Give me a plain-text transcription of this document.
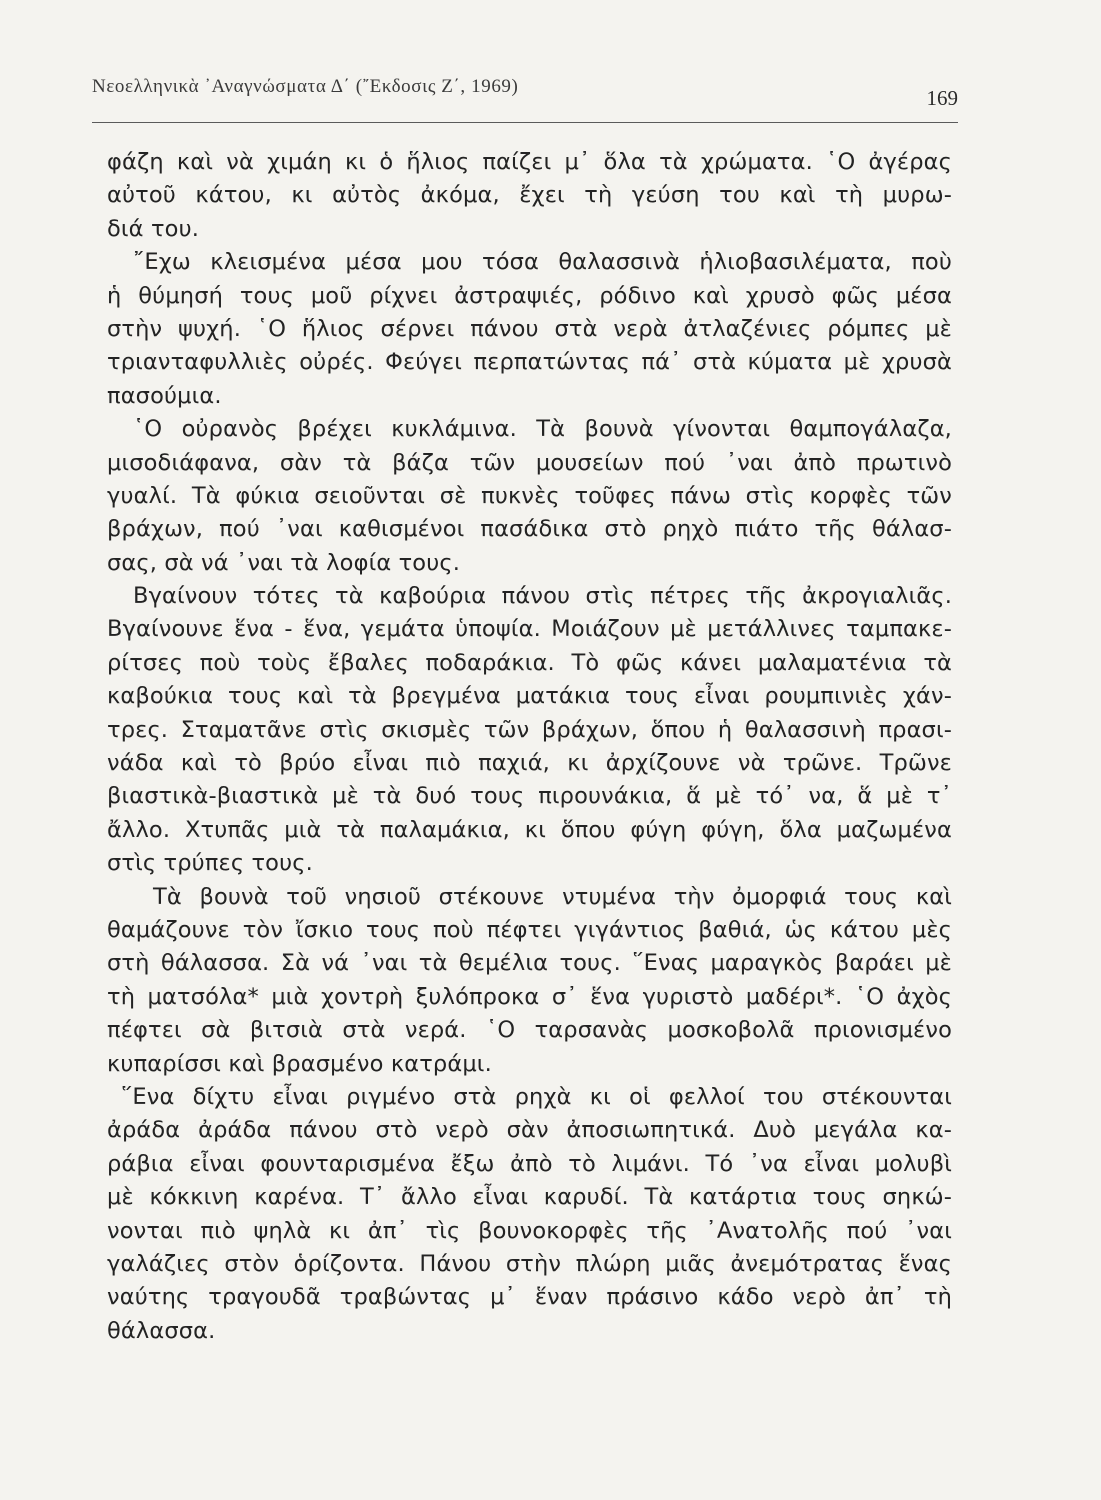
Νεοελληνικὰ ᾿Αναγνώσματα Δ΄ (῎Εκδοσις Ζ΄, 1969)	169
φάζη καὶ νὰ χιμάη κι ὁ ἥλιος παίζει μ᾿ ὅλα τὰ χρώματα. ῾Ο ἀγέρας
αὐτοῦ κάτου, κι αὐτὸς ἀκόμα, ἔχει τὴ γεύση του καὶ τὴ μυρω-
διά του.
῎Εχω κλεισμένα μέσα μου τόσα θαλασσινὰ ἡλιοβασιλέματα, ποὺ
ἡ θύμησή τους μοῦ ρίχνει ἀστραψιές, ρόδινο καὶ χρυσὸ φῶς μέσα
στὴν ψυχή. ῾Ο ἥλιος σέρνει πάνου στὰ νερὰ ἀτλαζένιες ρόμπες μὲ
τριανταφυλλιὲς οὐρές. Φεύγει περπατώντας πά᾿ στὰ κύματα μὲ χρυσὰ
πασούμια.
῾Ο οὐρανὸς βρέχει κυκλάμινα. Τὰ βουνὰ γίνονται θαμπογάλαζα,
μισοδιάφανα, σὰν τὰ βάζα τῶν μουσείων πού ᾿ναι ἀπὸ πρωτινὸ
γυαλί. Τὰ φύκια σειοῦνται σὲ πυκνὲς τοῦφες πάνω στὶς κορφὲς τῶν
βράχων, πού ᾿ναι καθισμένοι πασάδικα στὸ ρηχὸ πιάτο τῆς θάλασ-
σας, σὰ νά ᾿ναι τὰ λοφία τους.
Βγαίνουν τότες τὰ καβούρια πάνου στὶς πέτρες τῆς ἀκρογιαλιᾶς.
Βγαίνουνε ἕνα - ἕνα, γεμάτα ὑποψία. Μοιάζουν μὲ μετάλλινες ταμπακε-
ρίτσες ποὺ τοὺς ἔβαλες ποδαράκια. Τὸ φῶς κάνει μαλαματένια τὰ
καβούκια τους καὶ τὰ βρεγμένα ματάκια τους εἶναι ρουμπινιὲς χάν-
τρες. Σταματᾶνε στὶς σκισμὲς τῶν βράχων, ὅπου ἡ θαλασσινὴ πρασι-
νάδα καὶ τὸ βρύο εἶναι πιὸ παχιά, κι ἀρχίζουνε νὰ τρῶνε. Τρῶνε
βιαστικὰ-βιαστικὰ μὲ τὰ δυό τους πιρουνάκια, ἅ μὲ τό᾿ να, ἅ μὲ τ᾿
ἄλλο. Χτυπᾶς μιὰ τὰ παλαμάκια, κι ὅπου φύγη φύγη, ὅλα μαζωμένα
στὶς τρύπες τους.
Τὰ βουνὰ τοῦ νησιοῦ στέκουνε ντυμένα τὴν ὀμορφιά τους καὶ
θαμάζουνε τὸν ἴσκιο τους ποὺ πέφτει γιγάντιος βαθιά, ὡς κάτου μὲς
στὴ θάλασσα. Σὰ νά ᾿ναι τὰ θεμέλια τους. ῞Ενας μαραγκὸς βαράει μὲ
τὴ ματσόλα* μιὰ χοντρὴ ξυλόπροκα σ᾿ ἕνα γυριστὸ μαδέρι*. ῾Ο ἀχὸς
πέφτει σὰ βιτσιὰ στὰ νερά. ῾Ο ταρσανὰς μοσκοβολᾶ πριονισμένο
κυπαρίσσι καὶ βρασμένο κατράμι.
῞Ενα δίχτυ εἶναι ριγμένο στὰ ρηχὰ κι οἱ φελλοί του στέκουνται
ἀράδα ἀράδα πάνου στὸ νερὸ σὰν ἀποσιωπητικά. Δυὸ μεγάλα κα-
ράβια εἶναι φουνταρισμένα ἔξω ἀπὸ τὸ λιμάνι. Τό ᾿να εἶναι μολυβὶ
μὲ κόκκινη καρένα. Τ᾿ ἄλλο εἶναι καρυδί. Τὰ κατάρτια τους σηκώ-
νονται πιὸ ψηλὰ κι ἀπ᾿ τὶς βουνοκορφὲς τῆς ᾿Ανατολῆς πού ᾿ναι
γαλάζιες στὸν ὁρίζοντα. Πάνου στὴν πλώρη μιᾶς ἀνεμότρατας ἕνας
ναύτης τραγουδᾶ τραβώντας μ᾿ ἕναν πράσινο κάδο νερὸ ἀπ᾿ τὴ
θάλασσα.
